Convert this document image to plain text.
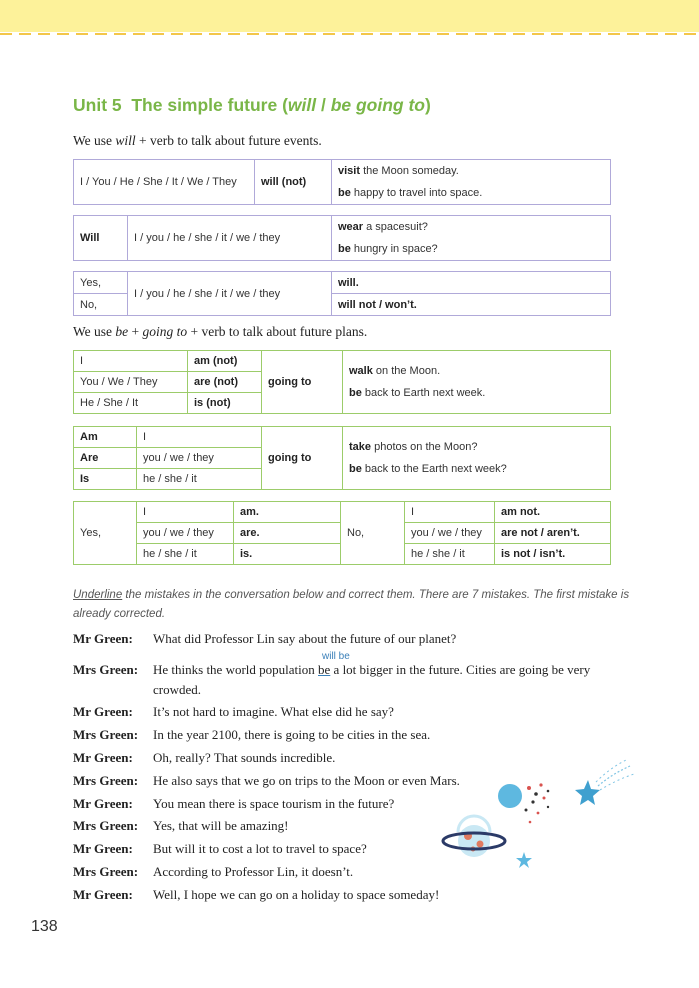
Unit 5 The simple future (will / be going to)
We use will + verb to talk about future events.
I / You / He / She / It / We / They	will (not)	
visit the Moon someday.
be happy to travel into space.
Will	I / you / he / she / it / we / they	
wear a spacesuit?
be hungry in space?
Yes,	I / you / he / she / it / we / they	will.
No,		will not / won’t.
We use be + going to + verb to talk about future plans.
I	am (not)	going to	walk on the Moon.
be back to Earth next week.

You / We / They	are (not)		
He / She / It	is (not)		
Am	I	going to	take photos on the Moon?
be back to the Earth next week?

Are	you / we / they		
Is	he / she / it		
Yes,	I	am.	No,	I	am not.
	you / we / they	are.		you / we / they	are not / aren’t.
	he / she / it	is.		he / she / it	is not / isn’t.
Underline the mistakes in the conversation below and correct them. There are 7 mistakes. The first mistake is already corrected.
will be
Mr Green:	What did Professor Lin say about the future of our planet?
Mrs Green:	He thinks the world population be a lot bigger in the future. Cities are going be very crowded.
Mr Green:	It’s not hard to imagine. What else did he say?
Mrs Green:	In the year 2100, there is going to be cities in the sea.
Mr Green:	Oh, really? That sounds incredible.
Mrs Green:	He also says that we go on trips to the Moon or even Mars.
Mr Green:	You mean there is space tourism in the future?
Mrs Green:	Yes, that will be amazing!
Mr Green:	But will it to cost a lot to travel to space?
Mrs Green:	According to Professor Lin, it doesn’t.
Mr Green:	Well, I hope we can go on a holiday to space someday!
138
